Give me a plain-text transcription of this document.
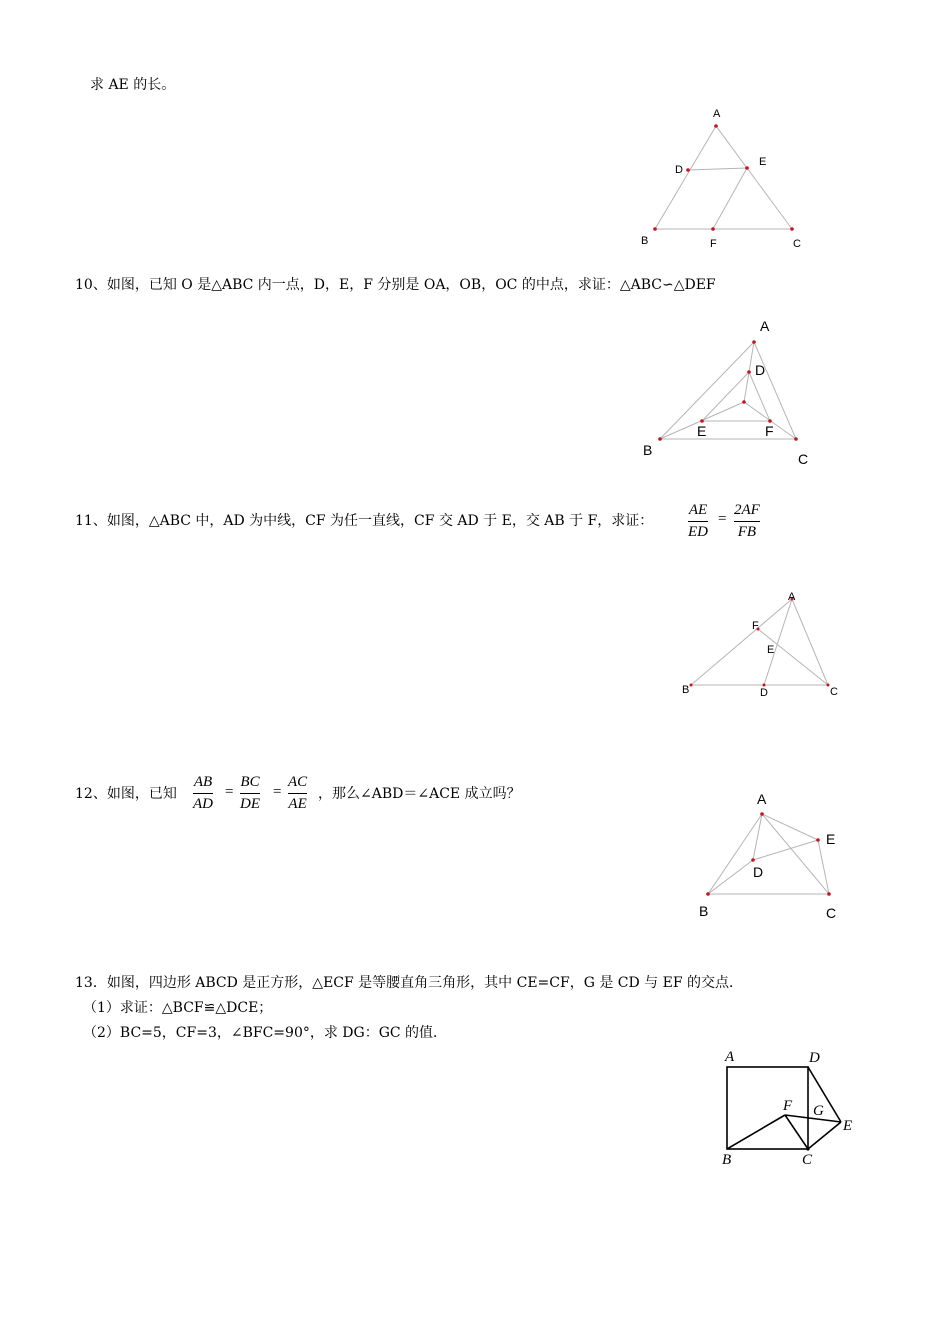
求 AE 的长。
A
D
E
B	F	C
10、如图，已知 O 是△ABC 内一点，D，E，F 分别是 OA，OB，OC 的中点，求证：△ABC∽△DEF
A
D
E	F
B
C
11、如图，△ABC 中，AD 为中线，CF 为任一直线，CF 交 AD 于 E，交 AB 于 F，求证：
AE
ED
=
2AF
FB
A
F
E
B	D	C
12、如图，已知
AB
AD
=
BC
DE
=
AC
AE
，那么∠ABD＝∠ACE 成立吗？	A
E
D
B	C
13．如图，四边形 ABCD 是正方形，△ECF 是等腰直角三角形，其中 CE=CF，G 是 CD 与 EF 的交点．
（1）求证：△BCF≌△DCE；
（2）BC=5，CF=3，∠BFC=90°，求 DG：GC 的值．
A	D
F G
E
B	C
